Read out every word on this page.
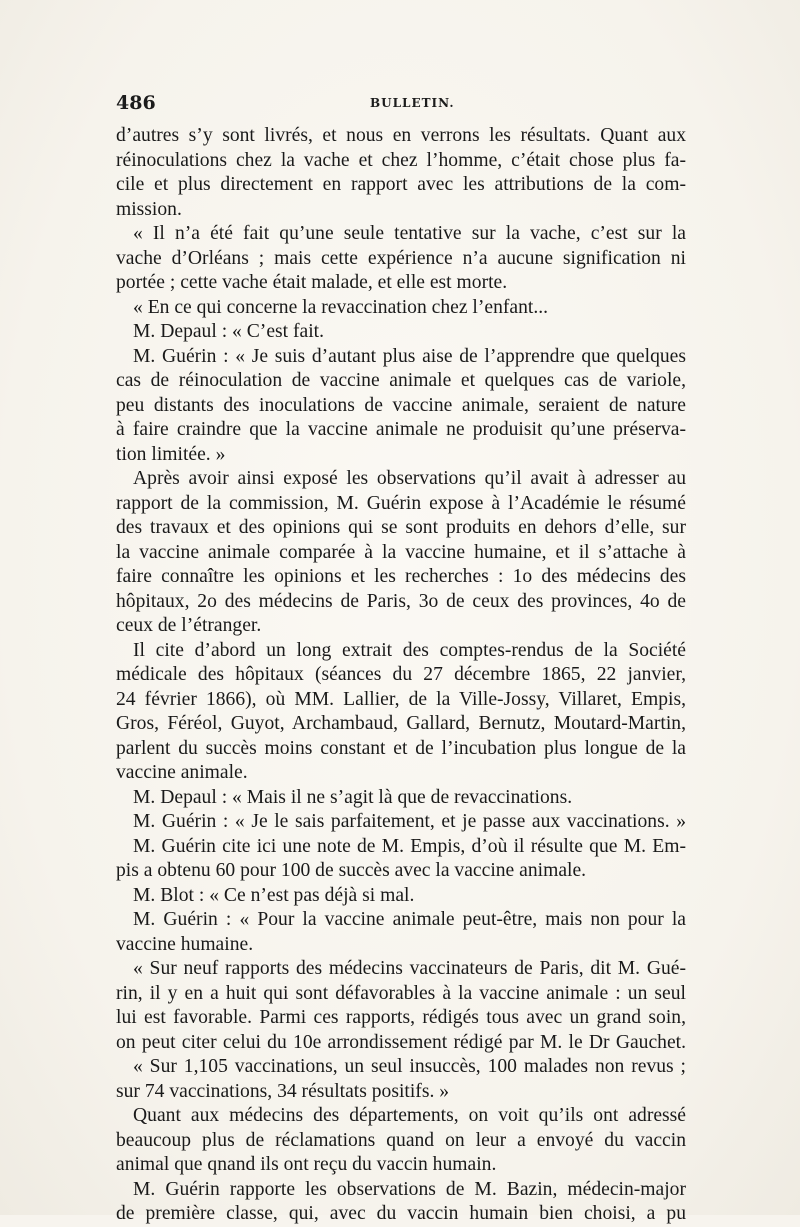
486	BULLETIN.
d’autres s’y sont livrés, et nous en verrons les résultats. Quant aux
réinoculations chez la vache et chez l’homme, c’était chose plus fa-
cile et plus directement en rapport avec les attributions de la com-
mission.
« Il n’a été fait qu’une seule tentative sur la vache, c’est sur la
vache d’Orléans ; mais cette expérience n’a aucune signification ni
portée ; cette vache était malade, et elle est morte.
« En ce qui concerne la revaccination chez l’enfant...
M. Depaul : « C’est fait.
M. Guérin : « Je suis d’autant plus aise de l’apprendre que quelques
cas de réinoculation de vaccine animale et quelques cas de variole,
peu distants des inoculations de vaccine animale, seraient de nature
à faire craindre que la vaccine animale ne produisit qu’une préserva-
tion limitée. »
Après avoir ainsi exposé les observations qu’il avait à adresser au
rapport de la commission, M. Guérin expose à l’Académie le résumé
des travaux et des opinions qui se sont produits en dehors d’elle, sur
la vaccine animale comparée à la vaccine humaine, et il s’attache à
faire connaître les opinions et les recherches : 1o des médecins des
hôpitaux, 2o des médecins de Paris, 3o de ceux des provinces, 4o de
ceux de l’étranger.
Il cite d’abord un long extrait des comptes-rendus de la Société
médicale des hôpitaux (séances du 27 décembre 1865, 22 janvier,
24 février 1866), où MM. Lallier, de la Ville-Jossy, Villaret, Empis,
Gros, Féréol, Guyot, Archambaud, Gallard, Bernutz, Moutard-Martin,
parlent du succès moins constant et de l’incubation plus longue de la
vaccine animale.
M. Depaul : « Mais il ne s’agit là que de revaccinations.
M. Guérin : « Je le sais parfaitement, et je passe aux vaccinations. »
M. Guérin cite ici une note de M. Empis, d’où il résulte que M. Em-
pis a obtenu 60 pour 100 de succès avec la vaccine animale.
M. Blot : « Ce n’est pas déjà si mal.
M. Guérin : « Pour la vaccine animale peut-être, mais non pour la
vaccine humaine.
« Sur neuf rapports des médecins vaccinateurs de Paris, dit M. Gué-
rin, il y en a huit qui sont défavorables à la vaccine animale : un seul
lui est favorable. Parmi ces rapports, rédigés tous avec un grand soin,
on peut citer celui du 10e arrondissement rédigé par M. le Dr Gauchet.
« Sur 1,105 vaccinations, un seul insuccès, 100 malades non revus ;
sur 74 vaccinations, 34 résultats positifs. »
Quant aux médecins des départements, on voit qu’ils ont adressé
beaucoup plus de réclamations quand on leur a envoyé du vaccin
animal que qnand ils ont reçu du vaccin humain.
M. Guérin rapporte les observations de M. Bazin, médecin-major
de première classe, qui, avec du vaccin humain bien choisi, a pu
